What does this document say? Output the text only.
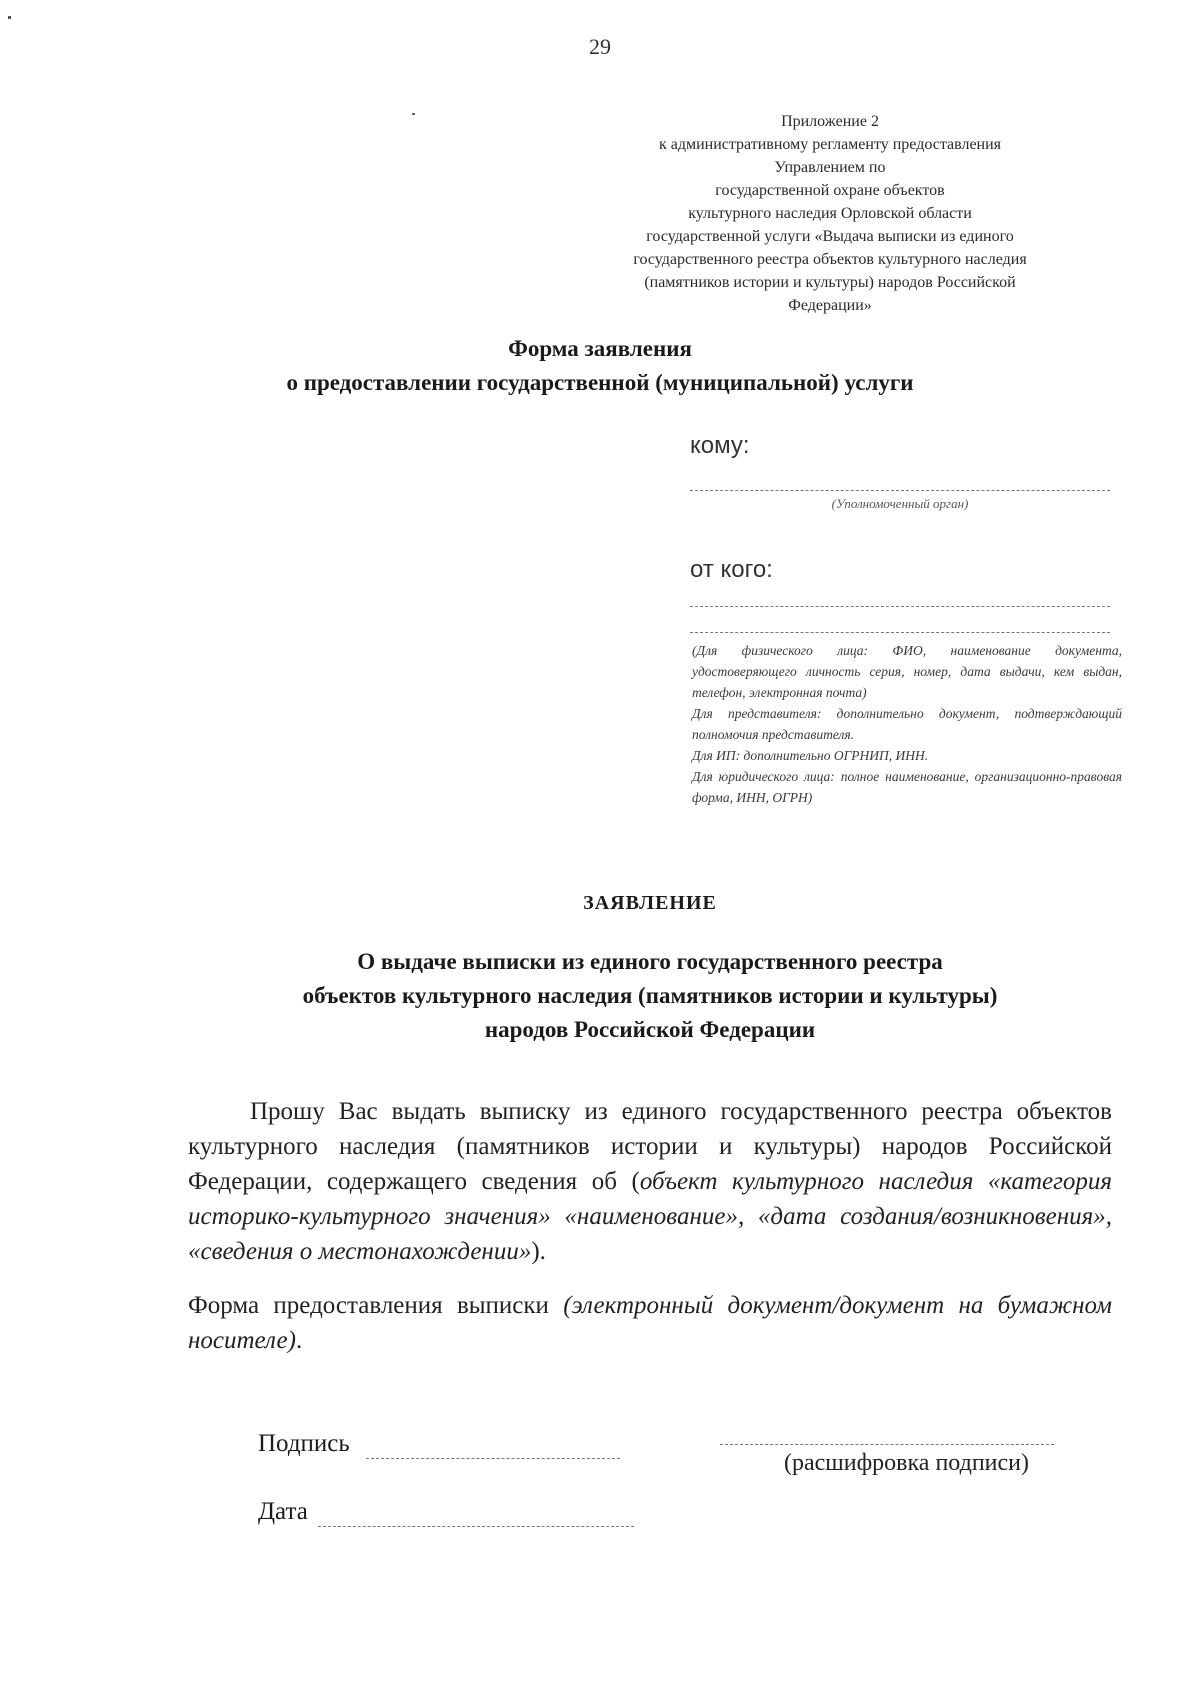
29
Приложение 2
к административному регламенту предоставления
Управлением по
государственной охране объектов
культурного наследия Орловской области
государственной услуги «Выдача выписки из единого
государственного реестра объектов культурного наследия
(памятников истории и культуры) народов Российской
Федерации»
Форма заявления
о предоставлении государственной (муниципальной) услуги
кому:
(Уполномоченный орган)
от кого:
(Для физического лица: ФИО, наименование документа, удостоверяющего личность серия, номер, дата выдачи, кем выдан, телефон, электронная почта)
Для представителя: дополнительно документ, подтверждающий полномочия представителя.
Для ИП: дополнительно ОГРНИП, ИНН.
Для юридического лица: полное наименование, организационно-правовая форма, ИНН, ОГРН)
ЗАЯВЛЕНИЕ
О выдаче выписки из единого государственного реестра
объектов культурного наследия (памятников истории и культуры)
народов Российской Федерации
Прошу Вас выдать выписку из единого государственного реестра объектов культурного наследия (памятников истории и культуры) народов Российской Федерации, содержащего сведения об (объект культурного наследия «категория историко-культурного значения» «наименование», «дата создания/возникновения», «сведения о местонахождении»).
Форма предоставления выписки (электронный документ/документ на бумажном носителе).
Подпись
(расшифровка подписи)
Дата
